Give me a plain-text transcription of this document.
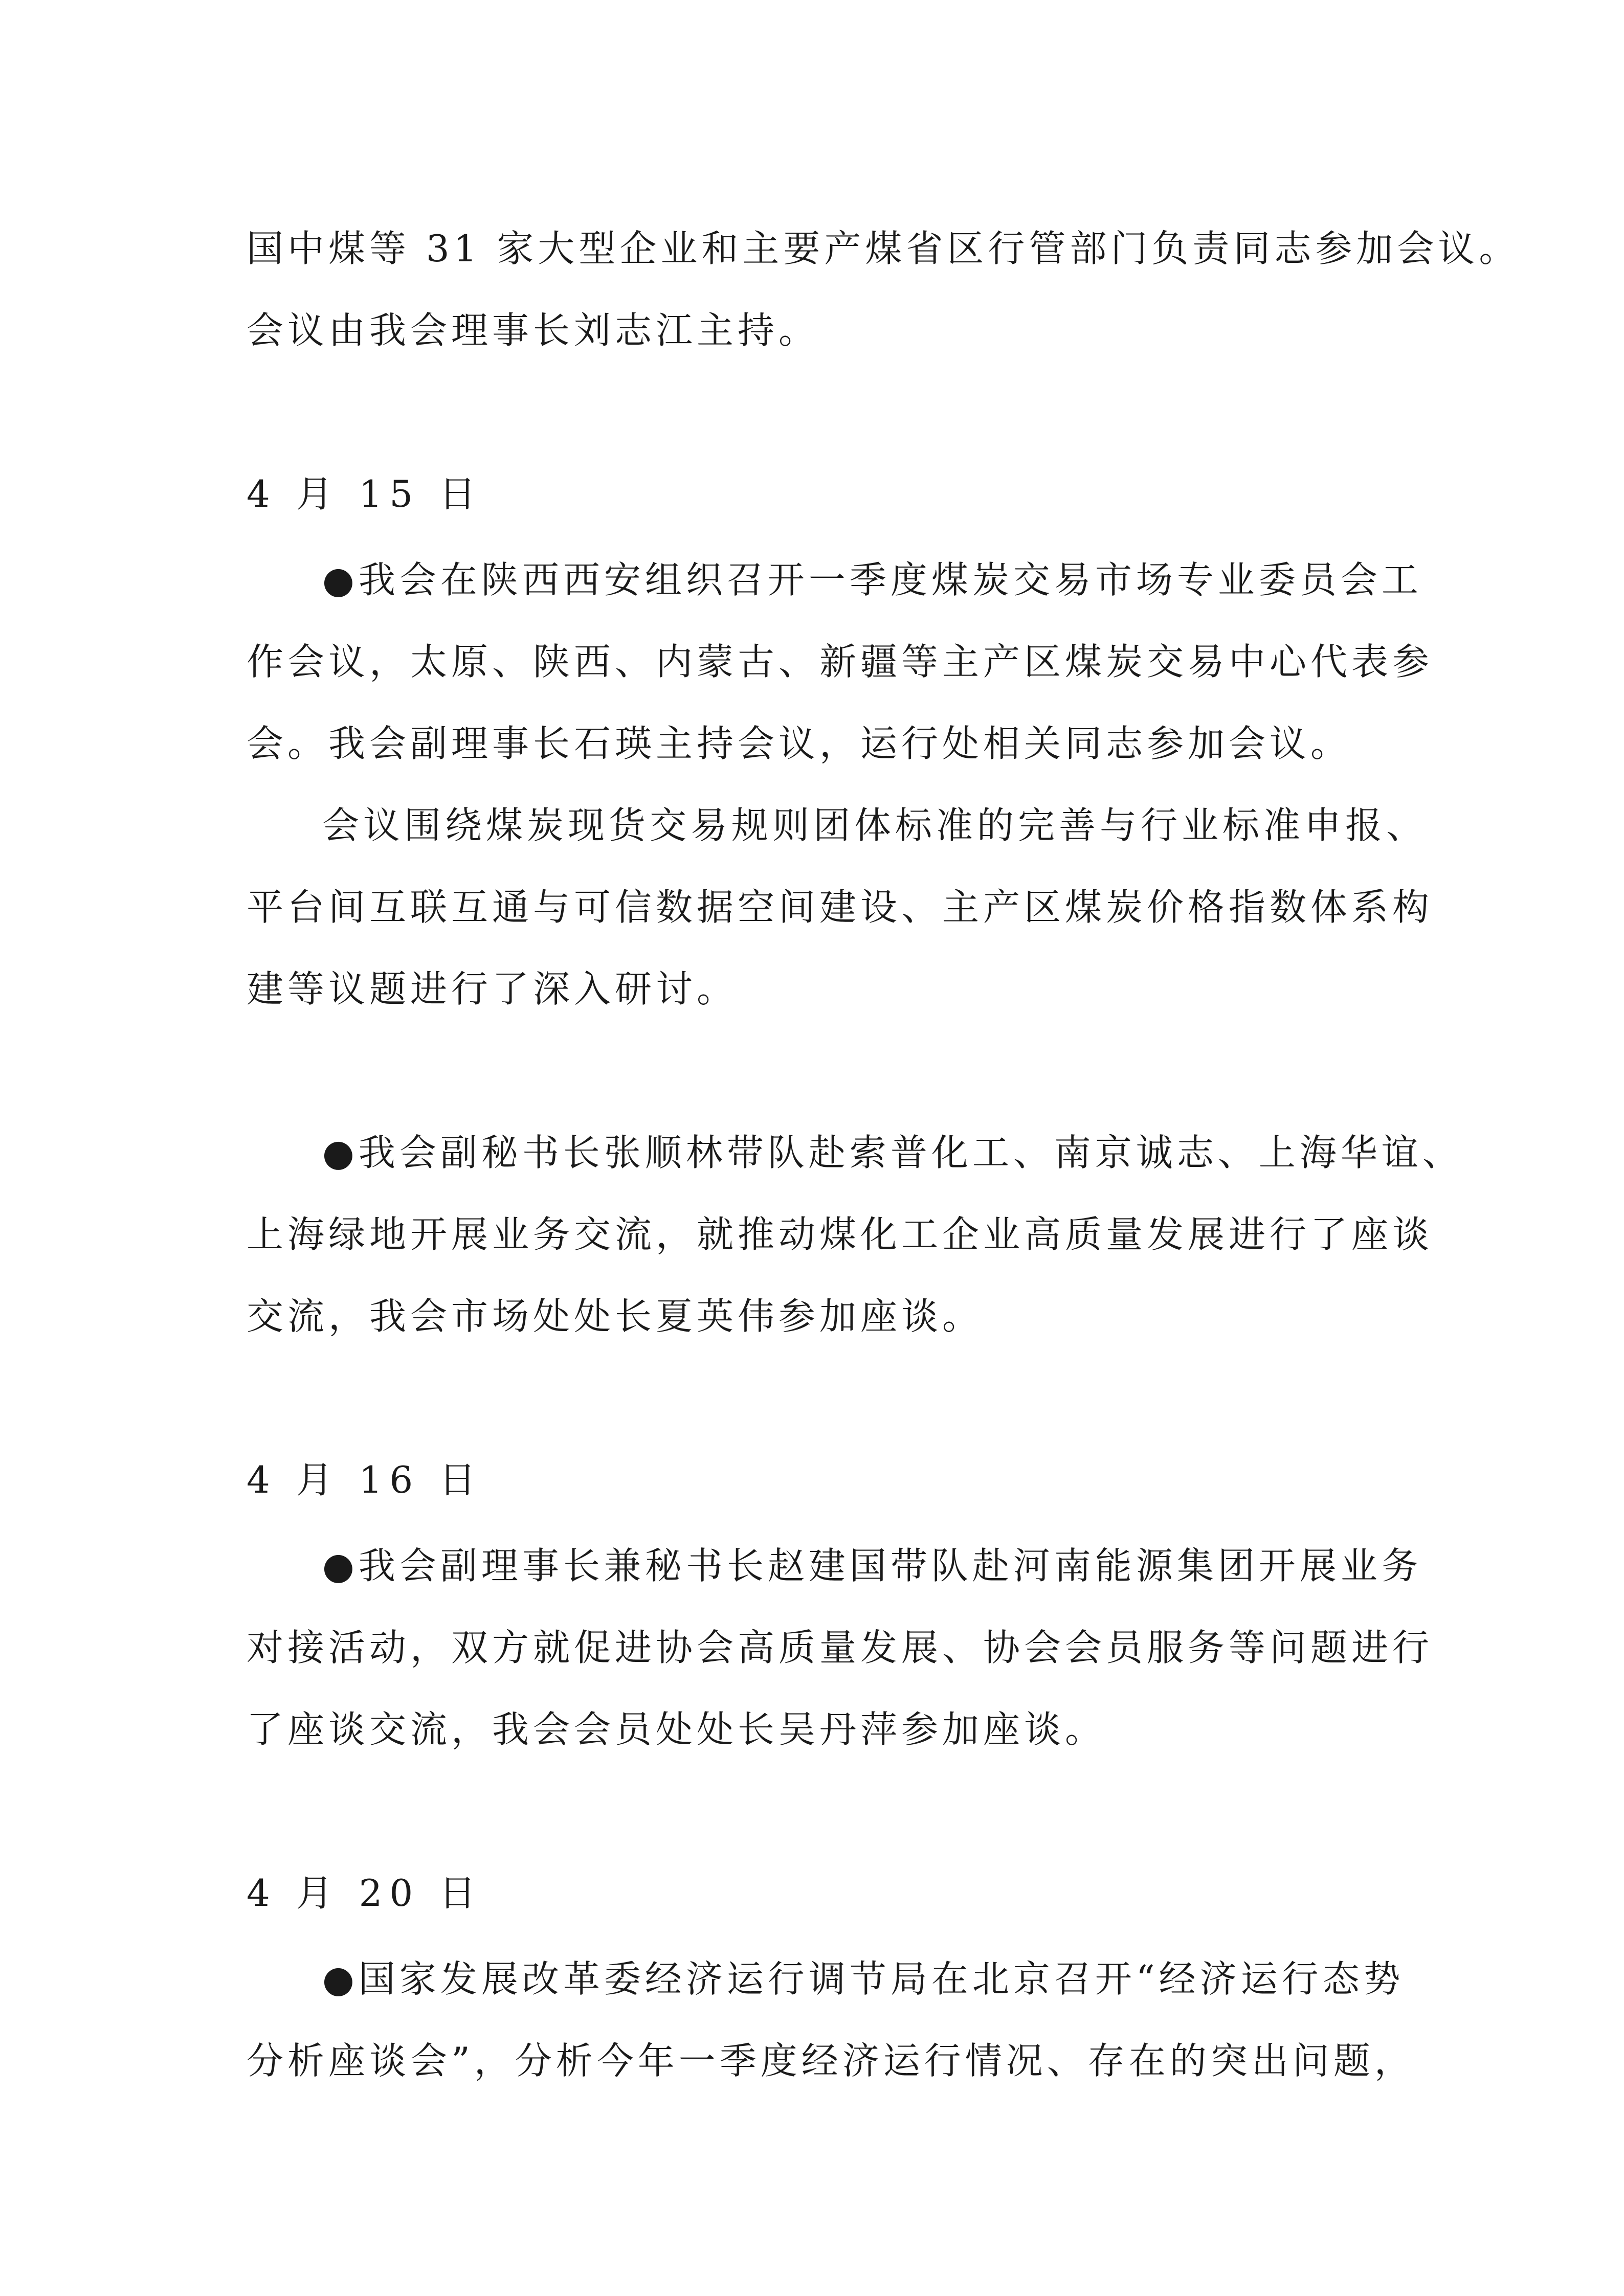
国中煤等 31 家大型企业和主要产煤省区行管部门负责同志参加会议。
会议由我会理事长刘志江主持。
4 月 15 日
●我会在陕西西安组织召开一季度煤炭交易市场专业委员会工
作会议，太原、陕西、内蒙古、新疆等主产区煤炭交易中心代表参
会。我会副理事长石瑛主持会议，运行处相关同志参加会议。
会议围绕煤炭现货交易规则团体标准的完善与行业标准申报、
平台间互联互通与可信数据空间建设、主产区煤炭价格指数体系构
建等议题进行了深入研讨。
●我会副秘书长张顺林带队赴索普化工、南京诚志、上海华谊、
上海绿地开展业务交流，就推动煤化工企业高质量发展进行了座谈
交流，我会市场处处长夏英伟参加座谈。
4 月 16 日
●我会副理事长兼秘书长赵建国带队赴河南能源集团开展业务
对接活动，双方就促进协会高质量发展、协会会员服务等问题进行
了座谈交流，我会会员处处长吴丹萍参加座谈。
4 月 20 日
●国家发展改革委经济运行调节局在北京召开“经济运行态势
分析座谈会”，分析今年一季度经济运行情况、存在的突出问题，
